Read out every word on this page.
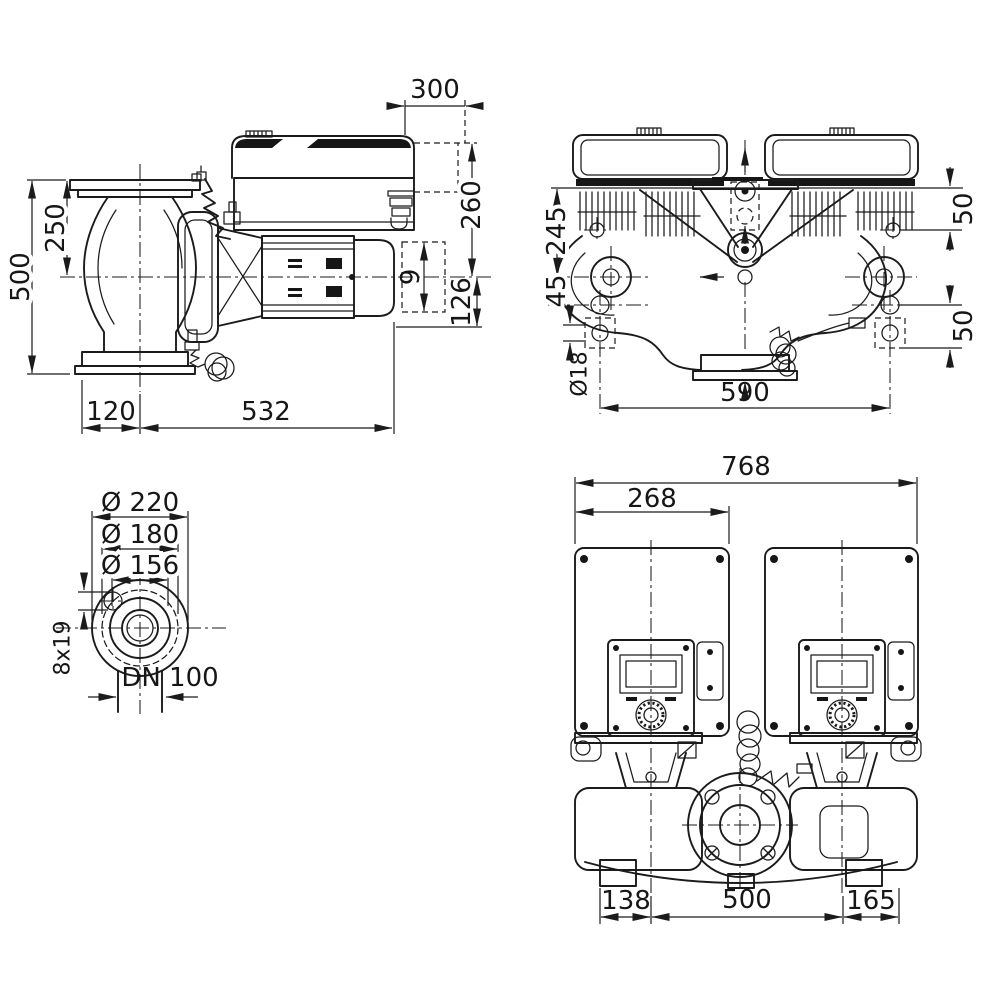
500
250
120	532
300
260
9
126
245
45
50
50
Ø18	590
Ø 220
Ø 180
Ø 156
8x19
DN 100
768
268
138	500	165
